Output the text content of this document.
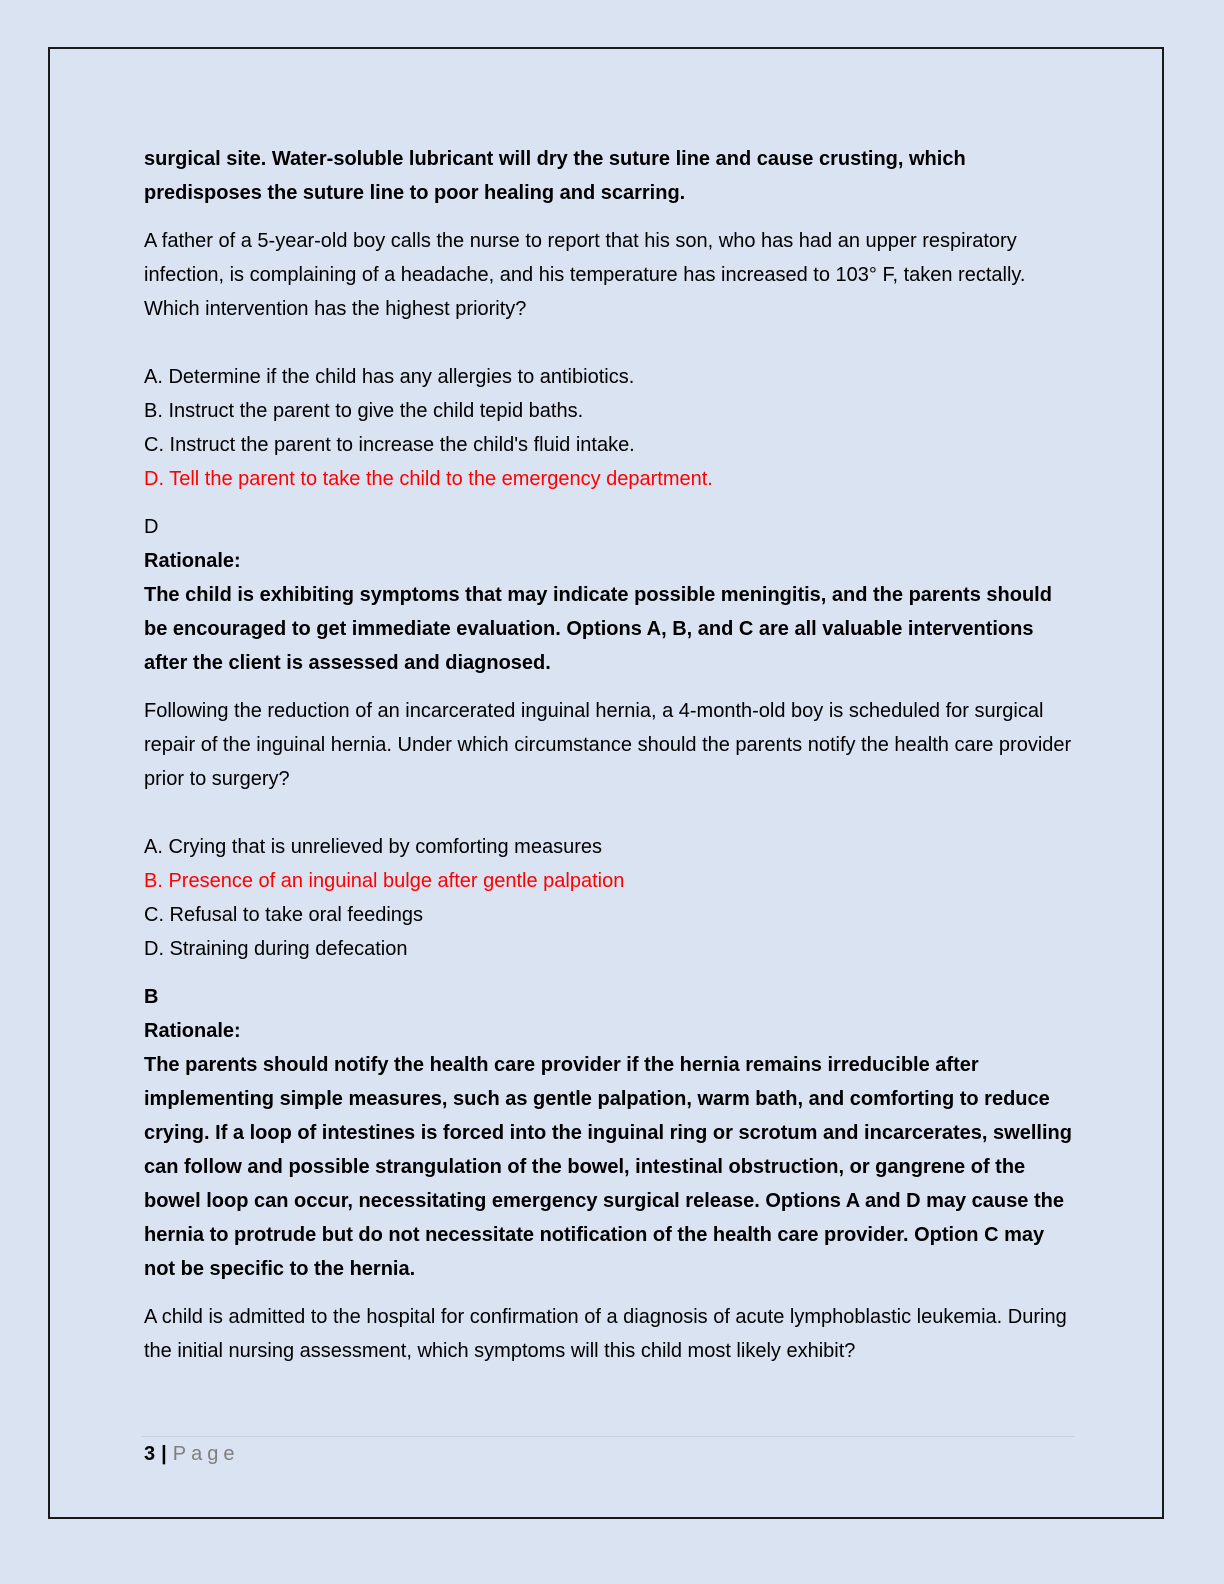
surgical site. Water-soluble lubricant will dry the suture line and cause crusting, which predisposes the suture line to poor healing and scarring.

A father of a 5-year-old boy calls the nurse to report that his son, who has had an upper respiratory infection, is complaining of a headache, and his temperature has increased to 103° F, taken rectally. Which intervention has the highest priority?

A. Determine if the child has any allergies to antibiotics.
B. Instruct the parent to give the child tepid baths.
C. Instruct the parent to increase the child's fluid intake.
D. Tell the parent to take the child to the emergency department.
D
Rationale:

The child is exhibiting symptoms that may indicate possible meningitis, and the parents should be encouraged to get immediate evaluation. Options A, B, and C are all valuable interventions after the client is assessed and diagnosed.

Following the reduction of an incarcerated inguinal hernia, a 4-month-old boy is scheduled for surgical repair of the inguinal hernia. Under which circumstance should the parents notify the health care provider prior to surgery?

A. Crying that is unrelieved by comforting measures
B. Presence of an inguinal bulge after gentle palpation
C. Refusal to take oral feedings
D. Straining during defecation
B
Rationale:

The parents should notify the health care provider if the hernia remains irreducible after implementing simple measures, such as gentle palpation, warm bath, and comforting to reduce crying. If a loop of intestines is forced into the inguinal ring or scrotum and incarcerates, swelling can follow and possible strangulation of the bowel, intestinal obstruction, or gangrene of the bowel loop can occur, necessitating emergency surgical release. Options A and D may cause the hernia to protrude but do not necessitate notification of the health care provider. Option C may not be specific to the hernia.

A child is admitted to the hospital for confirmation of a diagnosis of acute lymphoblastic leukemia. During the initial nursing assessment, which symptoms will this child most likely exhibit?

3 | Page
